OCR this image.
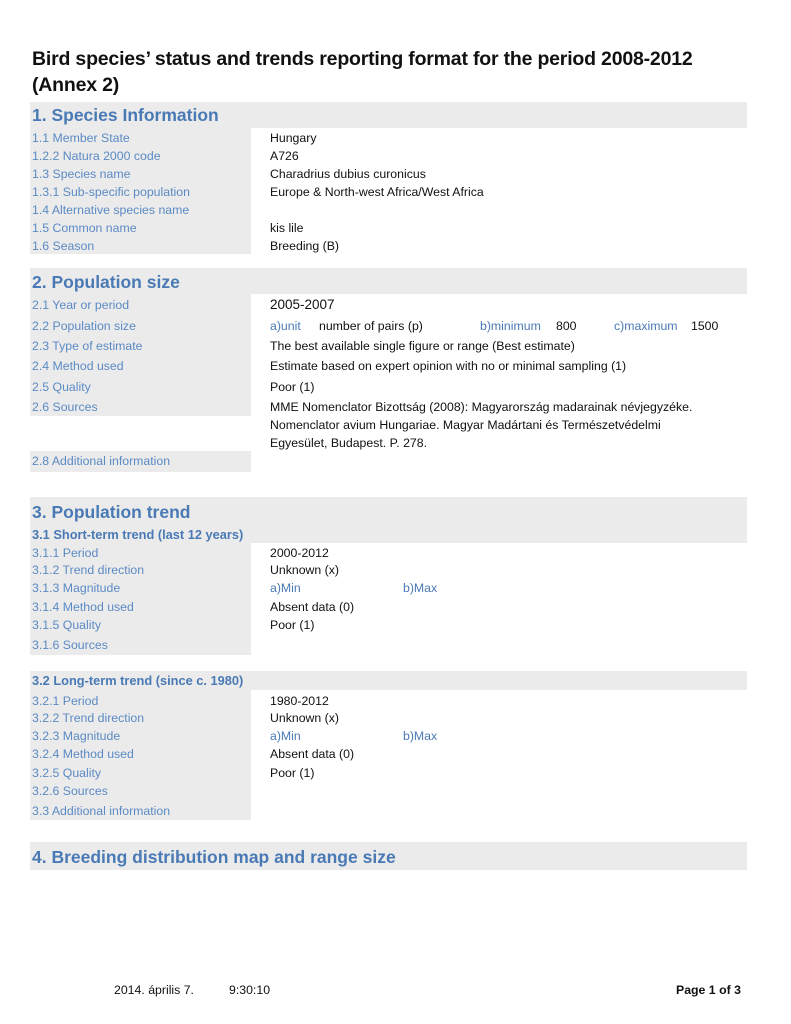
Bird species’ status and trends reporting format for the period 2008-2012 (Annex 2)
1. Species Information
1.1 Member State	Hungary
1.2.2 Natura 2000 code	A726
1.3 Species name	Charadrius dubius curonicus
1.3.1 Sub-specific population	Europe & North-west Africa/West Africa
1.4 Alternative species name
1.5 Common name	kis lile
1.6 Season	Breeding (B)
2. Population size
2.1 Year or period	2005-2007
2.2 Population size	a)unit number of pairs (p)	b)minimum 800	c)maximum 1500
2.3 Type of estimate	The best available single figure or range (Best estimate)
2.4 Method used	Estimate based on expert opinion with no or minimal sampling (1)
2.5 Quality	Poor (1)
2.6 Sources	MME Nomenclator Bizottság (2008): Magyarország madarainak névjegyzéke.
Nomenclator avium Hungariae. Magyar Madártani és Természetvédelmi
Egyesület, Budapest. P. 278.
2.8 Additional information
3. Population trend
3.1 Short-term trend (last 12 years)
3.1.1 Period	2000-2012
3.1.2 Trend direction	Unknown (x)
3.1.3 Magnitude	a)Min	b)Max
3.1.4 Method used	Absent data (0)
3.1.5 Quality	Poor (1)
3.1.6 Sources
3.2 Long-term trend (since c. 1980)
3.2.1 Period	1980-2012
3.2.2 Trend direction	Unknown (x)
3.2.3 Magnitude	a)Min	b)Max
3.2.4 Method used	Absent data (0)
3.2.5 Quality	Poor (1)
3.2.6 Sources
3.3 Additional information
4. Breeding distribution map and range size
2014. április 7.	9:30:10	Page 1 of 3
